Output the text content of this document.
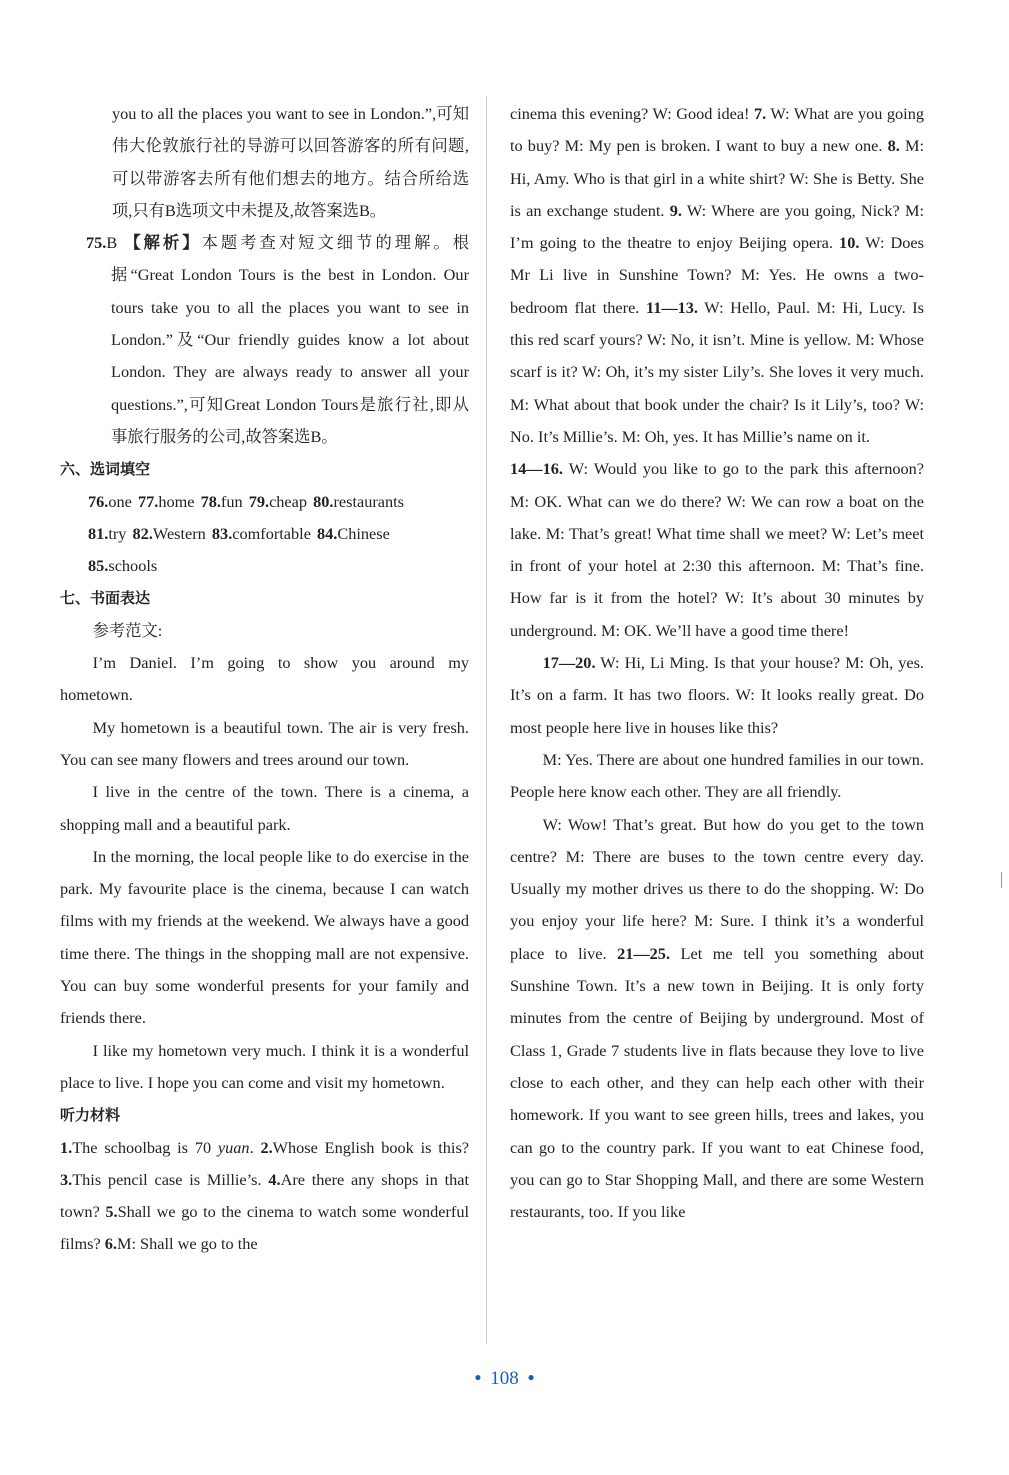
you to all the places you want to see in London.”,可知伟大伦敦旅行社的导游可以回答游客的所有问题,可以带游客去所有他们想去的地方。结合所给选项,只有B选项文中未提及,故答案选B。

75.B 【解析】本题考查对短文细节的理解。根据“Great London Tours is the best in London. Our tours take you to all the places you want to see in London.”及“Our friendly guides know a lot about London. They are always ready to answer all your questions.”,可知Great London Tours是旅行社,即从事旅行服务的公司,故答案选B。

六、选词填空

76.one 77.home 78.fun 79.cheap 80.restaurants

81.try 82.Western 83.comfortable 84.Chinese

85.schools

七、书面表达

参考范文:

I’m Daniel. I’m going to show you around my hometown.

My hometown is a beautiful town. The air is very fresh. You can see many flowers and trees around our town.

I live in the centre of the town. There is a cinema, a shopping mall and a beautiful park.

In the morning, the local people like to do exercise in the park. My favourite place is the cinema, because I can watch films with my friends at the weekend. We always have a good time there. The things in the shopping mall are not expensive. You can buy some wonderful presents for your family and friends there.

I like my hometown very much. I think it is a wonderful place to live. I hope you can come and visit my hometown.

听力材料

1.The schoolbag is 70 yuan. 2.Whose English book is this? 3.This pencil case is Millie’s. 4.Are there any shops in that town? 5.Shall we go to the cinema to watch some wonderful films? 6.M: Shall we go to the

cinema this evening? W: Good idea! 7. W: What are you going to buy? M: My pen is broken. I want to buy a new one. 8. M: Hi, Amy. Who is that girl in a white shirt? W: She is Betty. She is an exchange student. 9. W: Where are you going, Nick? M: I’m going to the theatre to enjoy Beijing opera. 10. W: Does Mr Li live in Sunshine Town? M: Yes. He owns a two-bedroom flat there. 11—13. W: Hello, Paul. M: Hi, Lucy. Is this red scarf yours? W: No, it isn’t. Mine is yellow. M: Whose scarf is it? W: Oh, it’s my sister Lily’s. She loves it very much. M: What about that book under the chair? Is it Lily’s, too? W: No. It’s Millie’s. M: Oh, yes. It has Millie’s name on it.

14—16. W: Would you like to go to the park this afternoon? M: OK. What can we do there? W: We can row a boat on the lake. M: That’s great! What time shall we meet? W: Let’s meet in front of your hotel at 2:30 this afternoon. M: That’s fine. How far is it from the hotel? W: It’s about 30 minutes by underground. M: OK. We’ll have a good time there!

17—20. W: Hi, Li Ming. Is that your house? M: Oh, yes. It’s on a farm. It has two floors. W: It looks really great. Do most people here live in houses like this?

M: Yes. There are about one hundred families in our town. People here know each other. They are all friendly.

W: Wow! That’s great. But how do you get to the town centre? M: There are buses to the town centre every day. Usually my mother drives us there to do the shopping. W: Do you enjoy your life here? M: Sure. I think it’s a wonderful place to live. 21—25. Let me tell you something about Sunshine Town. It’s a new town in Beijing. It is only forty minutes from the centre of Beijing by underground. Most of Class 1, Grade 7 students live in flats because they love to live close to each other, and they can help each other with their homework. If you want to see green hills, trees and lakes, you can go to the country park. If you want to eat Chinese food, you can go to Star Shopping Mall, and there are some Western restaurants, too. If you like

• 108 •
